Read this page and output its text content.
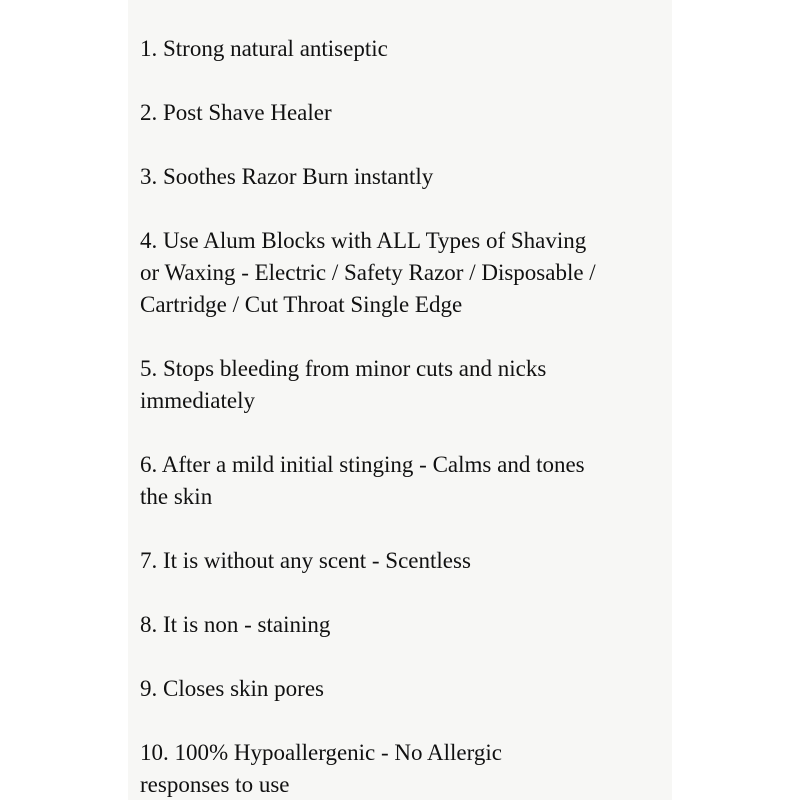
1. Strong natural antiseptic
2. Post Shave Healer
3. Soothes Razor Burn instantly
4. Use Alum Blocks with ALL Types of Shaving
or Waxing - Electric / Safety Razor / Disposable /
Cartridge / Cut Throat Single Edge
5. Stops bleeding from minor cuts and nicks
immediately
6. After a mild initial stinging - Calms and tones
the skin
7. It is without any scent - Scentless
8. It is non - staining
9. Closes skin pores
10. 100% Hypoallergenic - No Allergic
responses to use
